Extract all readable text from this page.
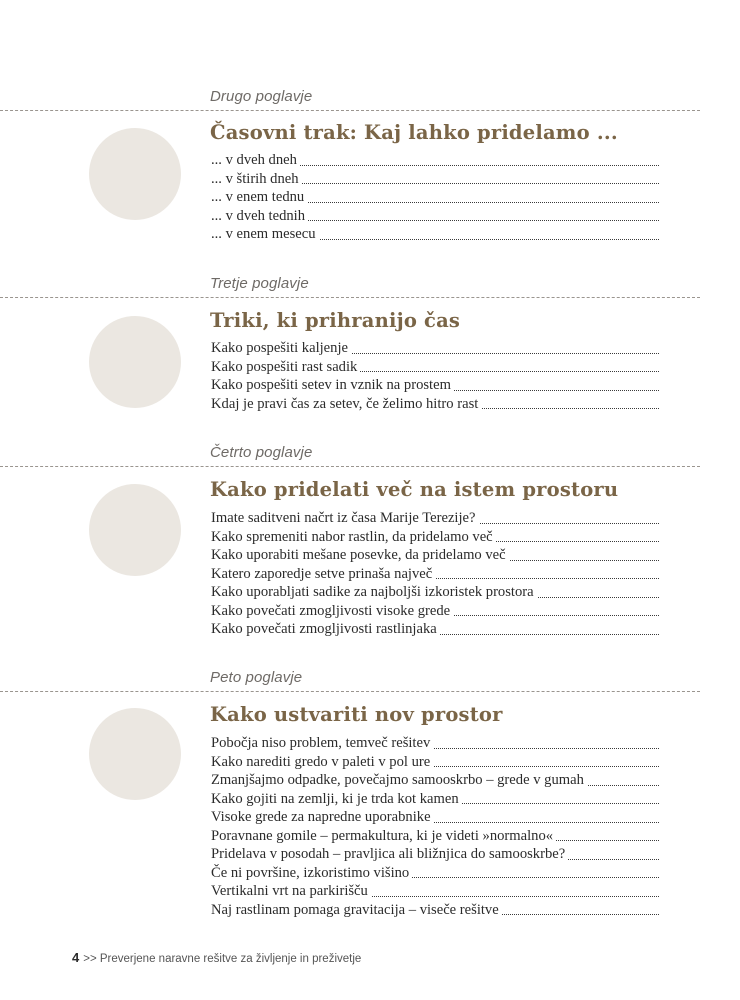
Drugo poglavje
Časovni trak: Kaj lahko pridelamo ...
... v dveh dneh
... v štirih dneh
... v enem tednu
... v dveh tednih
... v enem mesecu
Tretje poglavje
Triki, ki prihranijo čas
Kako pospešiti kaljenje
Kako pospešiti rast sadik
Kako pospešiti setev in vznik na prostem
Kdaj je pravi čas za setev, če želimo hitro rast
Četrto poglavje
Kako pridelati več na istem prostoru
Imate saditveni načrt iz časa Marije Terezije?
Kako spremeniti nabor rastlin, da pridelamo več
Kako uporabiti mešane posevke, da pridelamo več
Katero zaporedje setve prinaša največ
Kako uporabljati sadike za najboljši izkoristek prostora
Kako povečati zmogljivosti visoke grede
Kako povečati zmogljivosti rastlinjaka
Peto poglavje
Kako ustvariti nov prostor
Pobočja niso problem, temveč rešitev
Kako narediti gredo v paleti v pol ure
Zmanjšajmo odpadke, povečajmo samooskrbo – grede v gumah
Kako gojiti na zemlji, ki je trda kot kamen
Visoke grede za napredne uporabnike
Poravnane gomile – permakultura, ki je videti »normalno«
Pridelava v posodah – pravljica ali bližnjica do samooskrbe?
Če ni površine, izkoristimo višino
Vertikalni vrt na parkirišču
Naj rastlinam pomaga gravitacija – viseče rešitve
4 >> Preverjene naravne rešitve za življenje in preživetje
